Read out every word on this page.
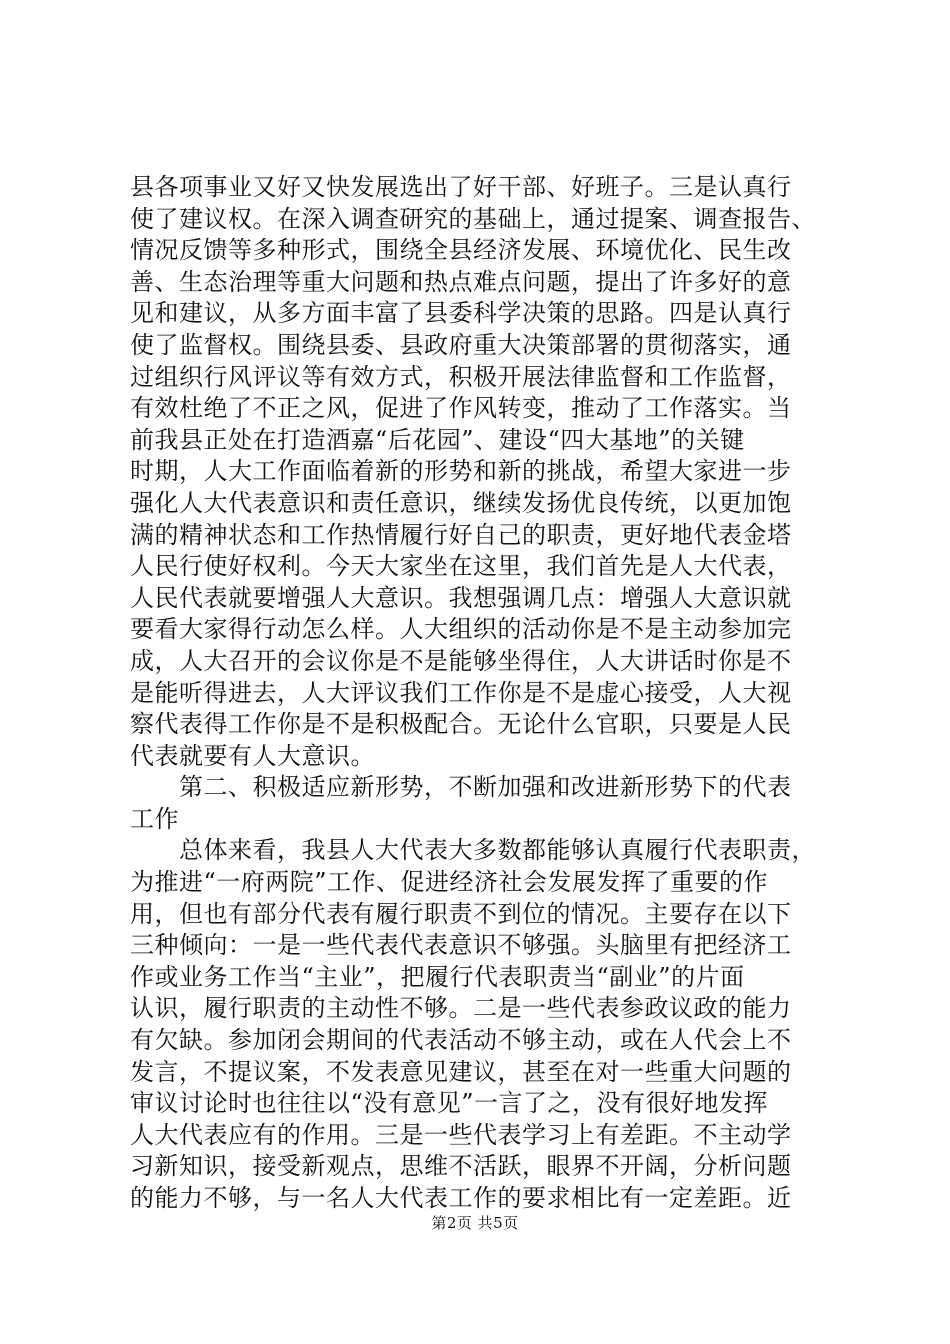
县各项事业又好又快发展选出了好干部、好班子。三是认真行
使了建议权。在深入调查研究的基础上，通过提案、调查报告、
情况反馈等多种形式，围绕全县经济发展、环境优化、民生改
善、生态治理等重大问题和热点难点问题，提出了许多好的意
见和建议，从多方面丰富了县委科学决策的思路。四是认真行
使了监督权。围绕县委、县政府重大决策部署的贯彻落实，通
过组织行风评议等有效方式，积极开展法律监督和工作监督，
有效杜绝了不正之风，促进了作风转变，推动了工作落实。当
前我县正处在打造酒嘉“后花园”、建设“四大基地”的关键
时期，人大工作面临着新的形势和新的挑战，希望大家进一步
强化人大代表意识和责任意识，继续发扬优良传统，以更加饱
满的精神状态和工作热情履行好自己的职责，更好地代表金塔
人民行使好权利。今天大家坐在这里，我们首先是人大代表，
人民代表就要增强人大意识。我想强调几点：增强人大意识就
要看大家得行动怎么样。人大组织的活动你是不是主动参加完
成，人大召开的会议你是不是能够坐得住，人大讲话时你是不
是能听得进去，人大评议我们工作你是不是虚心接受，人大视
察代表得工作你是不是积极配合。无论什么官职，只要是人民
代表就要有人大意识。
　　第二、积极适应新形势，不断加强和改进新形势下的代表
工作
　　总体来看，我县人大代表大多数都能够认真履行代表职责，
为推进“一府两院”工作、促进经济社会发展发挥了重要的作
用，但也有部分代表有履行职责不到位的情况。主要存在以下
三种倾向：一是一些代表代表意识不够强。头脑里有把经济工
作或业务工作当“主业”，把履行代表职责当“副业”的片面
认识，履行职责的主动性不够。二是一些代表参政议政的能力
有欠缺。参加闭会期间的代表活动不够主动，或在人代会上不
发言，不提议案，不发表意见建议，甚至在对一些重大问题的
审议讨论时也往往以“没有意见”一言了之，没有很好地发挥
人大代表应有的作用。三是一些代表学习上有差距。不主动学
习新知识，接受新观点，思维不活跃，眼界不开阔，分析问题
的能力不够，与一名人大代表工作的要求相比有一定差距。近
第2页 共5页
